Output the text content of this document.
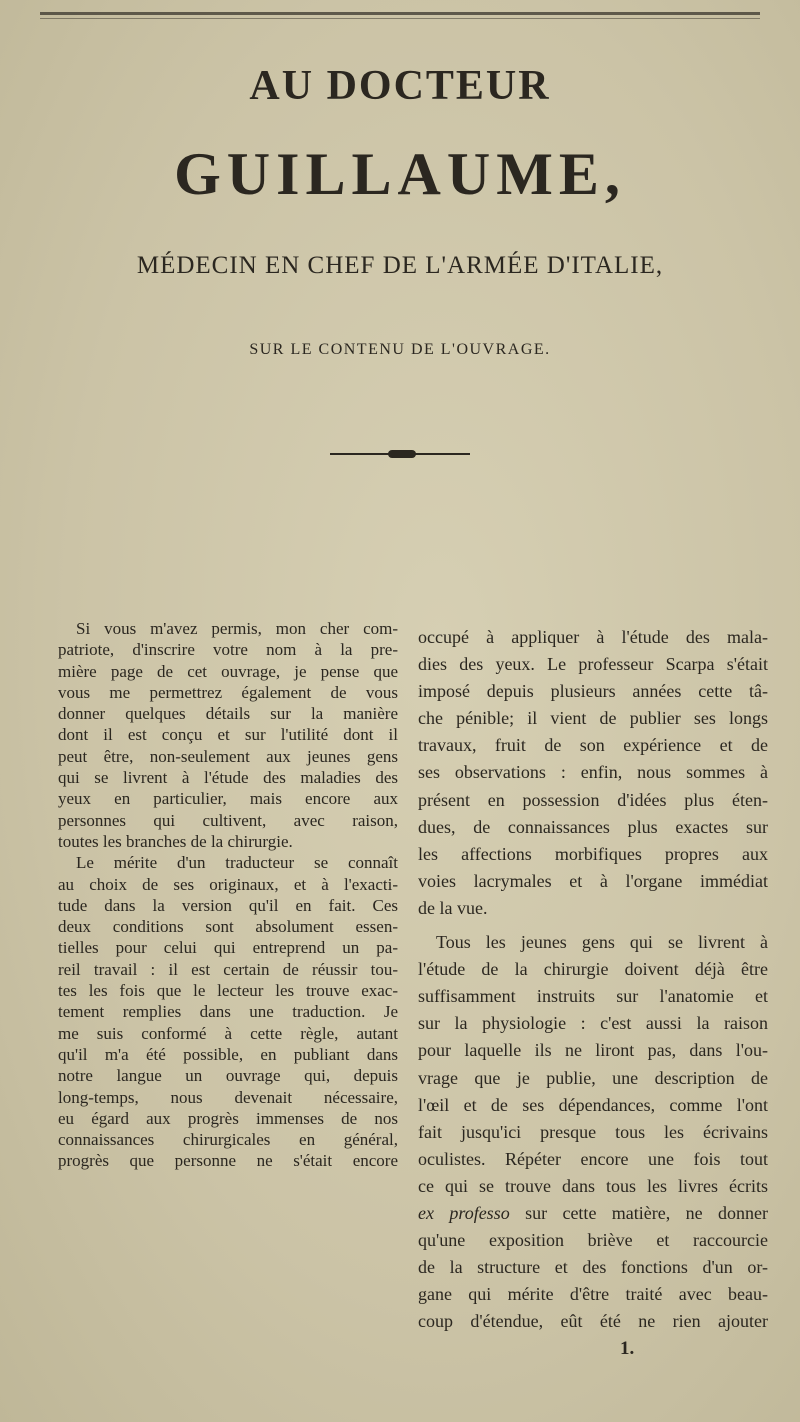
AU DOCTEUR
GUILLAUME,
MÉDECIN EN CHEF DE L'ARMÉE D'ITALIE,
SUR LE CONTENU DE L'OUVRAGE.
Si vous m'avez permis, mon cher com-
patriote, d'inscrire votre nom à la pre-
mière page de cet ouvrage, je pense que
vous me permettrez également de vous
donner quelques détails sur la manière
dont il est conçu et sur l'utilité dont il
peut être, non-seulement aux jeunes gens
qui se livrent à l'étude des maladies des
yeux en particulier, mais encore aux
personnes qui cultivent, avec raison,
toutes les branches de la chirurgie.
Le mérite d'un traducteur se connaît
au choix de ses originaux, et à l'exacti-
tude dans la version qu'il en fait. Ces
deux conditions sont absolument essen-
tielles pour celui qui entreprend un pa-
reil travail : il est certain de réussir tou-
tes les fois que le lecteur les trouve exac-
tement remplies dans une traduction. Je
me suis conformé à cette règle, autant
qu'il m'a été possible, en publiant dans
notre langue un ouvrage qui, depuis
long-temps, nous devenait nécessaire,
eu égard aux progrès immenses de nos
connaissances chirurgicales en général,
progrès que personne ne s'était encore
occupé à appliquer à l'étude des mala-
dies des yeux. Le professeur Scarpa s'était
imposé depuis plusieurs années cette tâ-
che pénible; il vient de publier ses longs
travaux, fruit de son expérience et de
ses observations : enfin, nous sommes à
présent en possession d'idées plus éten-
dues, de connaissances plus exactes sur
les affections morbifiques propres aux
voies lacrymales et à l'organe immédiat
de la vue.
Tous les jeunes gens qui se livrent à
l'étude de la chirurgie doivent déjà être
suffisamment instruits sur l'anatomie et
sur la physiologie : c'est aussi la raison
pour laquelle ils ne liront pas, dans l'ou-
vrage que je publie, une description de
l'œil et de ses dépendances, comme l'ont
fait jusqu'ici presque tous les écrivains
oculistes. Répéter encore une fois tout
ce qui se trouve dans tous les livres écrits
ex professo sur cette matière, ne donner
qu'une exposition briève et raccourcie
de la structure et des fonctions d'un or-
gane qui mérite d'être traité avec beau-
coup d'étendue, eût été ne rien ajouter
1.
